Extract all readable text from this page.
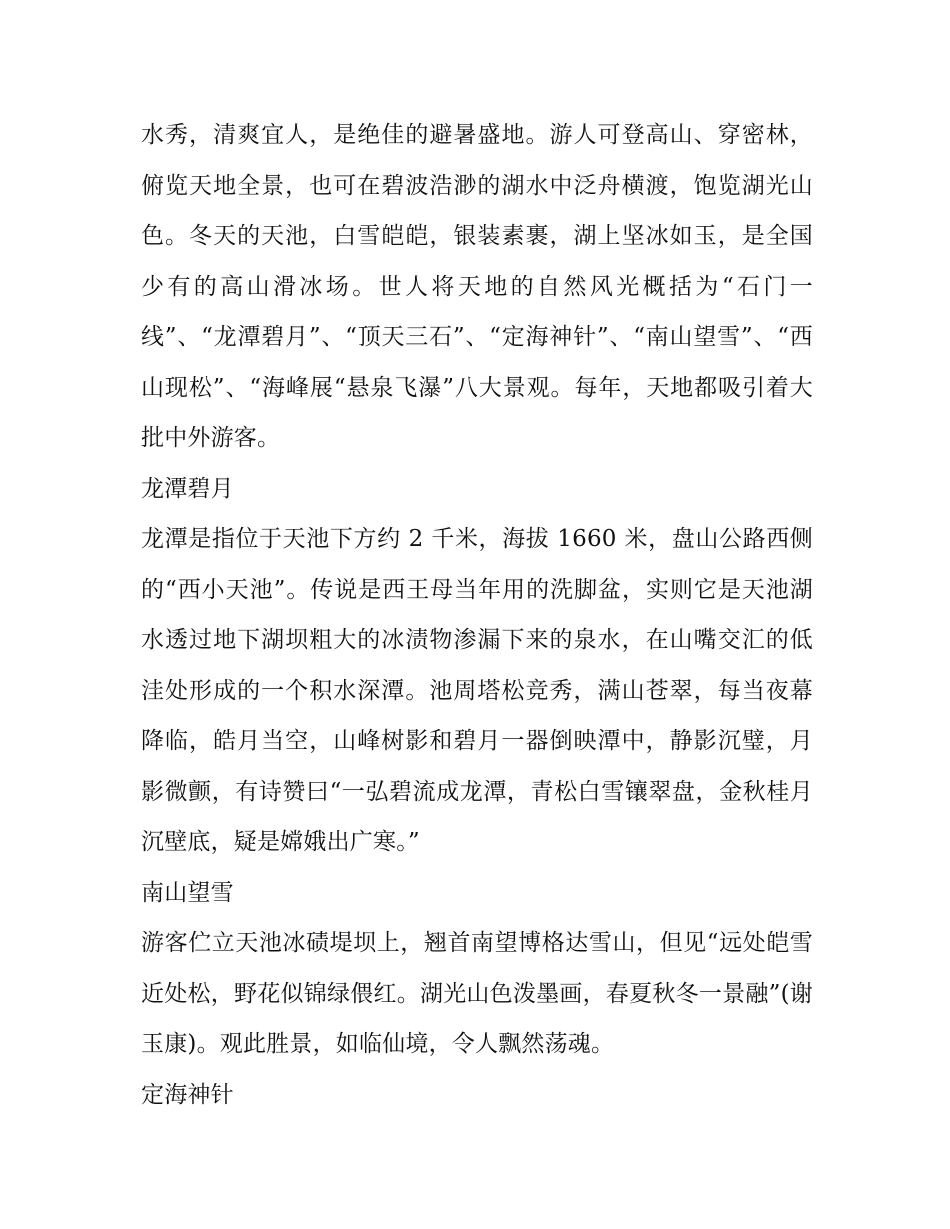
水秀，清爽宜人，是绝佳的避暑盛地。游人可登高山、穿密林，俯览天地全景，也可在碧波浩渺的湖水中泛舟横渡，饱览湖光山色。冬天的天池，白雪皑皑，银装素裹，湖上坚冰如玉，是全国少有的高山滑冰场。世人将天地的自然风光概括为“石门一线”、“龙潭碧月”、“顶天三石”、“定海神针”、“南山望雪”、“西山现松”、“海峰展“悬泉飞瀑”八大景观。每年，天地都吸引着大批中外游客。

龙潭碧月

龙潭是指位于天池下方约 2 千米，海拔 1660 米，盘山公路西侧的“西小天池”。传说是西王母当年用的洗脚盆，实则它是天池湖水透过地下湖坝粗大的冰渍物渗漏下来的泉水，在山嘴交汇的低洼处形成的一个积水深潭。池周塔松竞秀，满山苍翠，每当夜幕降临，皓月当空，山峰树影和碧月一器倒映潭中，静影沉璧，月影微颤，有诗赞曰“一弘碧流成龙潭，青松白雪镶翠盘，金秋桂月沉壁底，疑是嫦娥出广寒。”

南山望雪

游客伫立天池冰碛堤坝上，翘首南望博格达雪山，但见“远处皑雪近处松，野花似锦绿偎红。湖光山色泼墨画，春夏秋冬一景融”(谢玉康)。观此胜景，如临仙境，令人飘然荡魂。

定海神针
